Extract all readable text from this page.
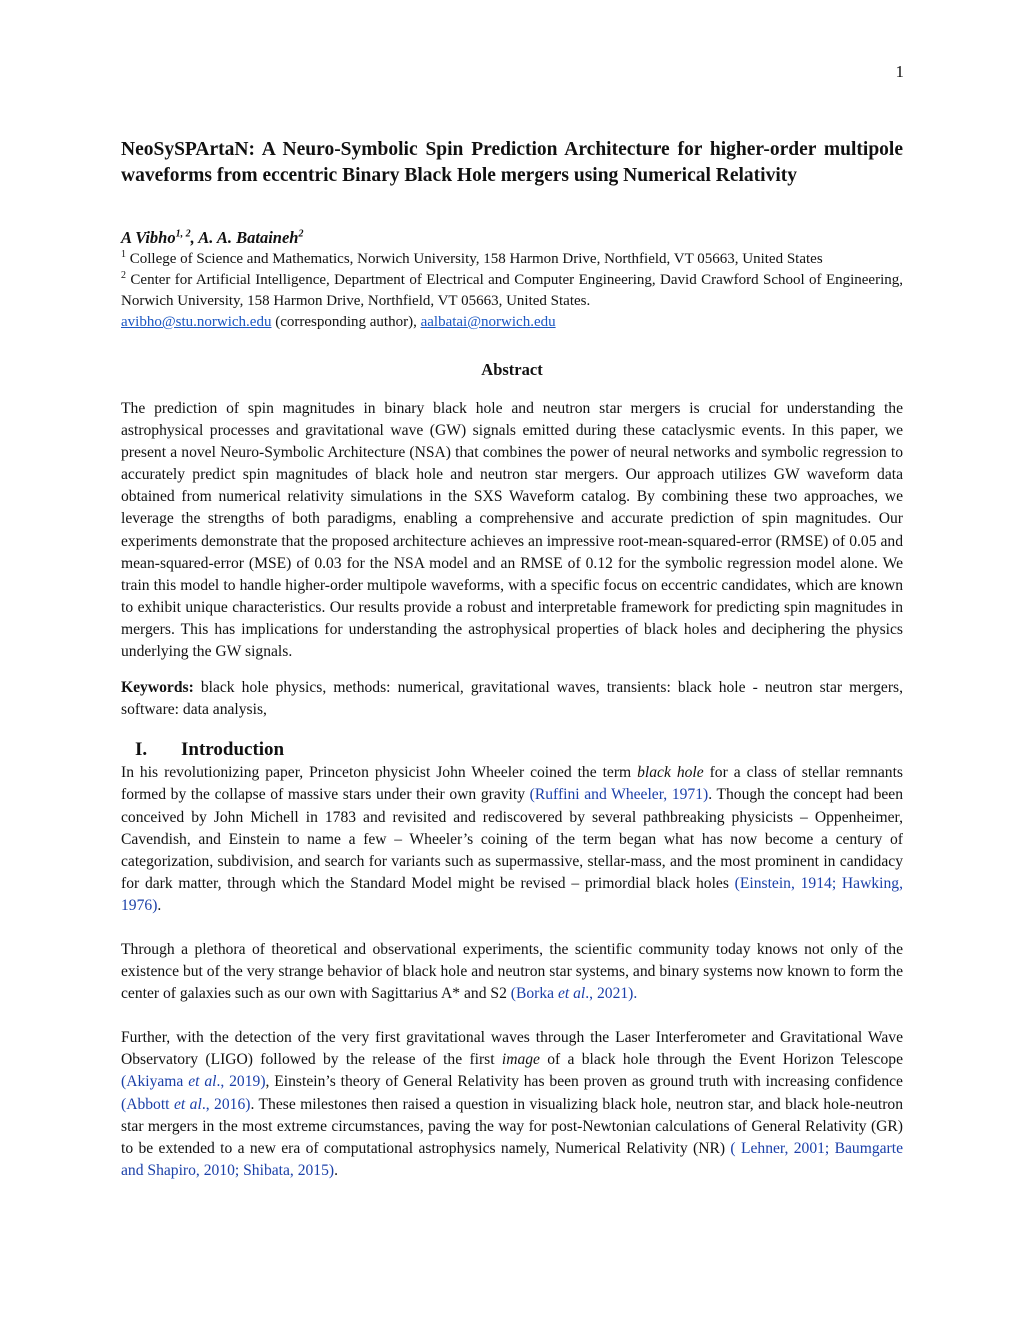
1
NeoSySPArtaN: A Neuro-Symbolic Spin Prediction Architecture for higher-order multipole waveforms from eccentric Binary Black Hole mergers using Numerical Relativity
A Vibho$^{1, 2}$, A. A. Bataineh$^2$
$^1$ College of Science and Mathematics, Norwich University, 158 Harmon Drive, Northfield, VT 05663, United States
$^2$ Center for Artificial Intelligence, Department of Electrical and Computer Engineering, David Crawford School of Engineering, Norwich University, 158 Harmon Drive, Northfield, VT 05663, United States.
avibho@stu.norwich.edu (corresponding author), aalbatai@norwich.edu
Abstract

The prediction of spin magnitudes in binary black hole and neutron star mergers is crucial for understanding the astrophysical processes and gravitational wave (GW) signals emitted during these cataclysmic events. In this paper, we present a novel Neuro-Symbolic Architecture (NSA) that combines the power of neural networks and symbolic regression to accurately predict spin magnitudes of black hole and neutron star mergers. Our approach utilizes GW waveform data obtained from numerical relativity simulations in the SXS Waveform catalog. By combining these two approaches, we leverage the strengths of both paradigms, enabling a comprehensive and accurate prediction of spin magnitudes. Our experiments demonstrate that the proposed architecture achieves an impressive root-mean-squared-error (RMSE) of 0.05 and mean-squared-error (MSE) of 0.03 for the NSA model and an RMSE of 0.12 for the symbolic regression model alone. We train this model to handle higher-order multipole waveforms, with a specific focus on eccentric candidates, which are known to exhibit unique characteristics. Our results provide a robust and interpretable framework for predicting spin magnitudes in mergers. This has implications for understanding the astrophysical properties of black holes and deciphering the physics underlying the GW signals.

Keywords: black hole physics, methods: numerical, gravitational waves, transients: black hole - neutron star mergers, software: data analysis,

I. Introduction

In his revolutionizing paper, Princeton physicist John Wheeler coined the term black hole for a class of stellar remnants formed by the collapse of massive stars under their own gravity (Ruffini and Wheeler, 1971). Though the concept had been conceived by John Michell in 1783 and revisited and rediscovered by several pathbreaking physicists – Oppenheimer, Cavendish, and Einstein to name a few – Wheeler’s coining of the term began what has now become a century of categorization, subdivision, and search for variants such as supermassive, stellar-mass, and the most prominent in candidacy for dark matter, through which the Standard Model might be revised – primordial black holes (Einstein, 1914; Hawking, 1976).

Through a plethora of theoretical and observational experiments, the scientific community today knows not only of the existence but of the very strange behavior of black hole and neutron star systems, and binary systems now known to form the center of galaxies such as our own with Sagittarius A* and S2 (Borka et al., 2021).

Further, with the detection of the very first gravitational waves through the Laser Interferometer and Gravitational Wave Observatory (LIGO) followed by the release of the first image of a black hole through the Event Horizon Telescope (Akiyama et al., 2019), Einstein’s theory of General Relativity has been proven as ground truth with increasing confidence (Abbott et al., 2016). These milestones then raised a question in visualizing black hole, neutron star, and black hole-neutron star mergers in the most extreme circumstances, paving the way for post-Newtonian calculations of General Relativity (GR) to be extended to a new era of computational astrophysics namely, Numerical Relativity (NR) ( Lehner, 2001; Baumgarte and Shapiro, 2010; Shibata, 2015).
